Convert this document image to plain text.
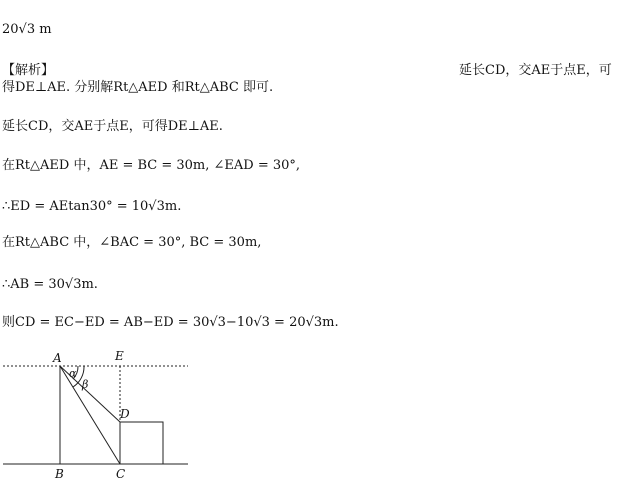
20√3 m
【解析】	延长CD，交AE于点E，可
得DE⊥AE. 分别解Rt△AED 和Rt△ABC 即可.
延长CD，交AE于点E，可得DE⊥AE.
在Rt△AED 中，AE = BC = 30m, ∠EAD = 30°,
∴ED = AEtan30° = 10√3m.
在Rt△ABC 中，∠BAC = 30°, BC = 30m,
∴AB = 30√3m.
则CD = EC−ED = AB−ED = 30√3−10√3 = 20√3m.
A	E
D
B	C
α
β
